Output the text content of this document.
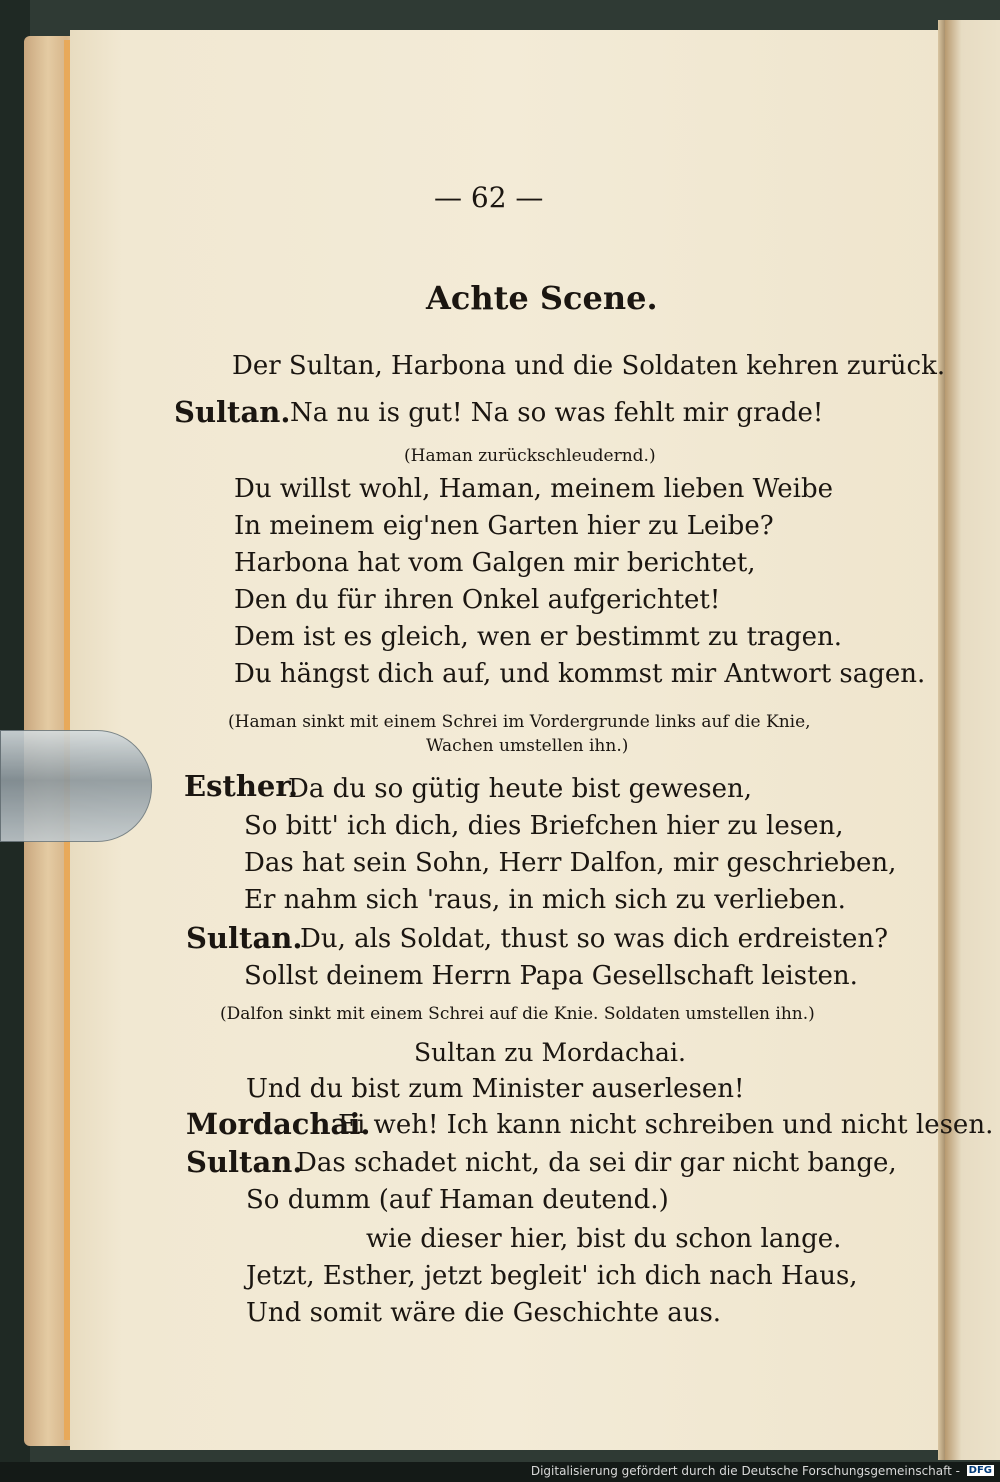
— 62 —
Achte Scene.
Der Sultan, Harbona und die Soldaten kehren zurück.
Sultan. Na nu is gut! Na so was fehlt mir grade!
(Haman zurückschleudernd.)
Du willst wohl, Haman, meinem lieben Weibe
In meinem eig'nen Garten hier zu Leibe?
Harbona hat vom Galgen mir berichtet,
Den du für ihren Onkel aufgerichtet!
Dem ist es gleich, wen er bestimmt zu tragen.
Du hängst dich auf, und kommst mir Antwort sagen.
(Haman sinkt mit einem Schrei im Vordergrunde links auf die Knie,
Wachen umstellen ihn.)
Esther.
Da du so gütig heute bist gewesen,
So bitt' ich dich, dies Briefchen hier zu lesen,
Das hat sein Sohn, Herr Dalfon, mir geschrieben,
Er nahm sich 'raus, in mich sich zu verlieben.
Sultan.
Du, als Soldat, thust so was dich erdreisten?
Sollst deinem Herrn Papa Gesellschaft leisten.
(Dalfon sinkt mit einem Schrei auf die Knie. Soldaten umstellen ihn.)
Sultan zu Mordachai.
Und du bist zum Minister auserlesen!
Mordachai.
Ei weh! Ich kann nicht schreiben und nicht lesen.
Sultan.
Das schadet nicht, da sei dir gar nicht bange,
So dumm (auf Haman deutend.)
wie dieser hier, bist du schon lange.
Jetzt, Esther, jetzt begleit' ich dich nach Haus,
Und somit wäre die Geschichte aus.
Digitalisierung gefördert durch die Deutsche Forschungsgemeinschaft - DFG
